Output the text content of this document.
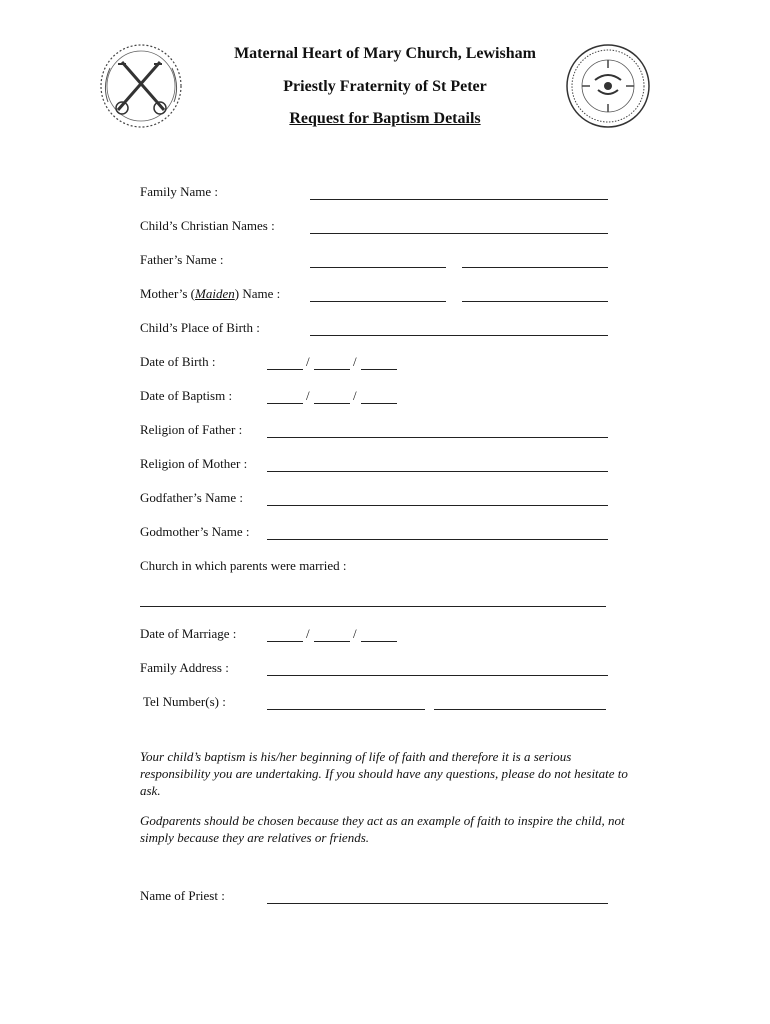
Maternal Heart of Mary Church, Lewisham
Priestly Fraternity of St Peter
Request for Baptism Details
Family Name :
Child’s Christian Names :
Father’s Name :
Mother’s (Maiden) Name :
Child’s Place of Birth :
Date of Birth :	/	/
Date of Baptism :	/	/
Religion of Father :
Religion of Mother :
Godfather’s Name :
Godmother’s Name :
Church in which parents were married :
Date of Marriage :	/	/
Family Address :
Tel Number(s) :
Your child’s baptism is his/her beginning of life of faith and therefore it is a serious responsibility you are undertaking. If you should have any questions, please do not hesitate to ask.
Godparents should be chosen because they act as an example of faith to inspire the child, not simply because they are relatives or friends.
Name of Priest :
